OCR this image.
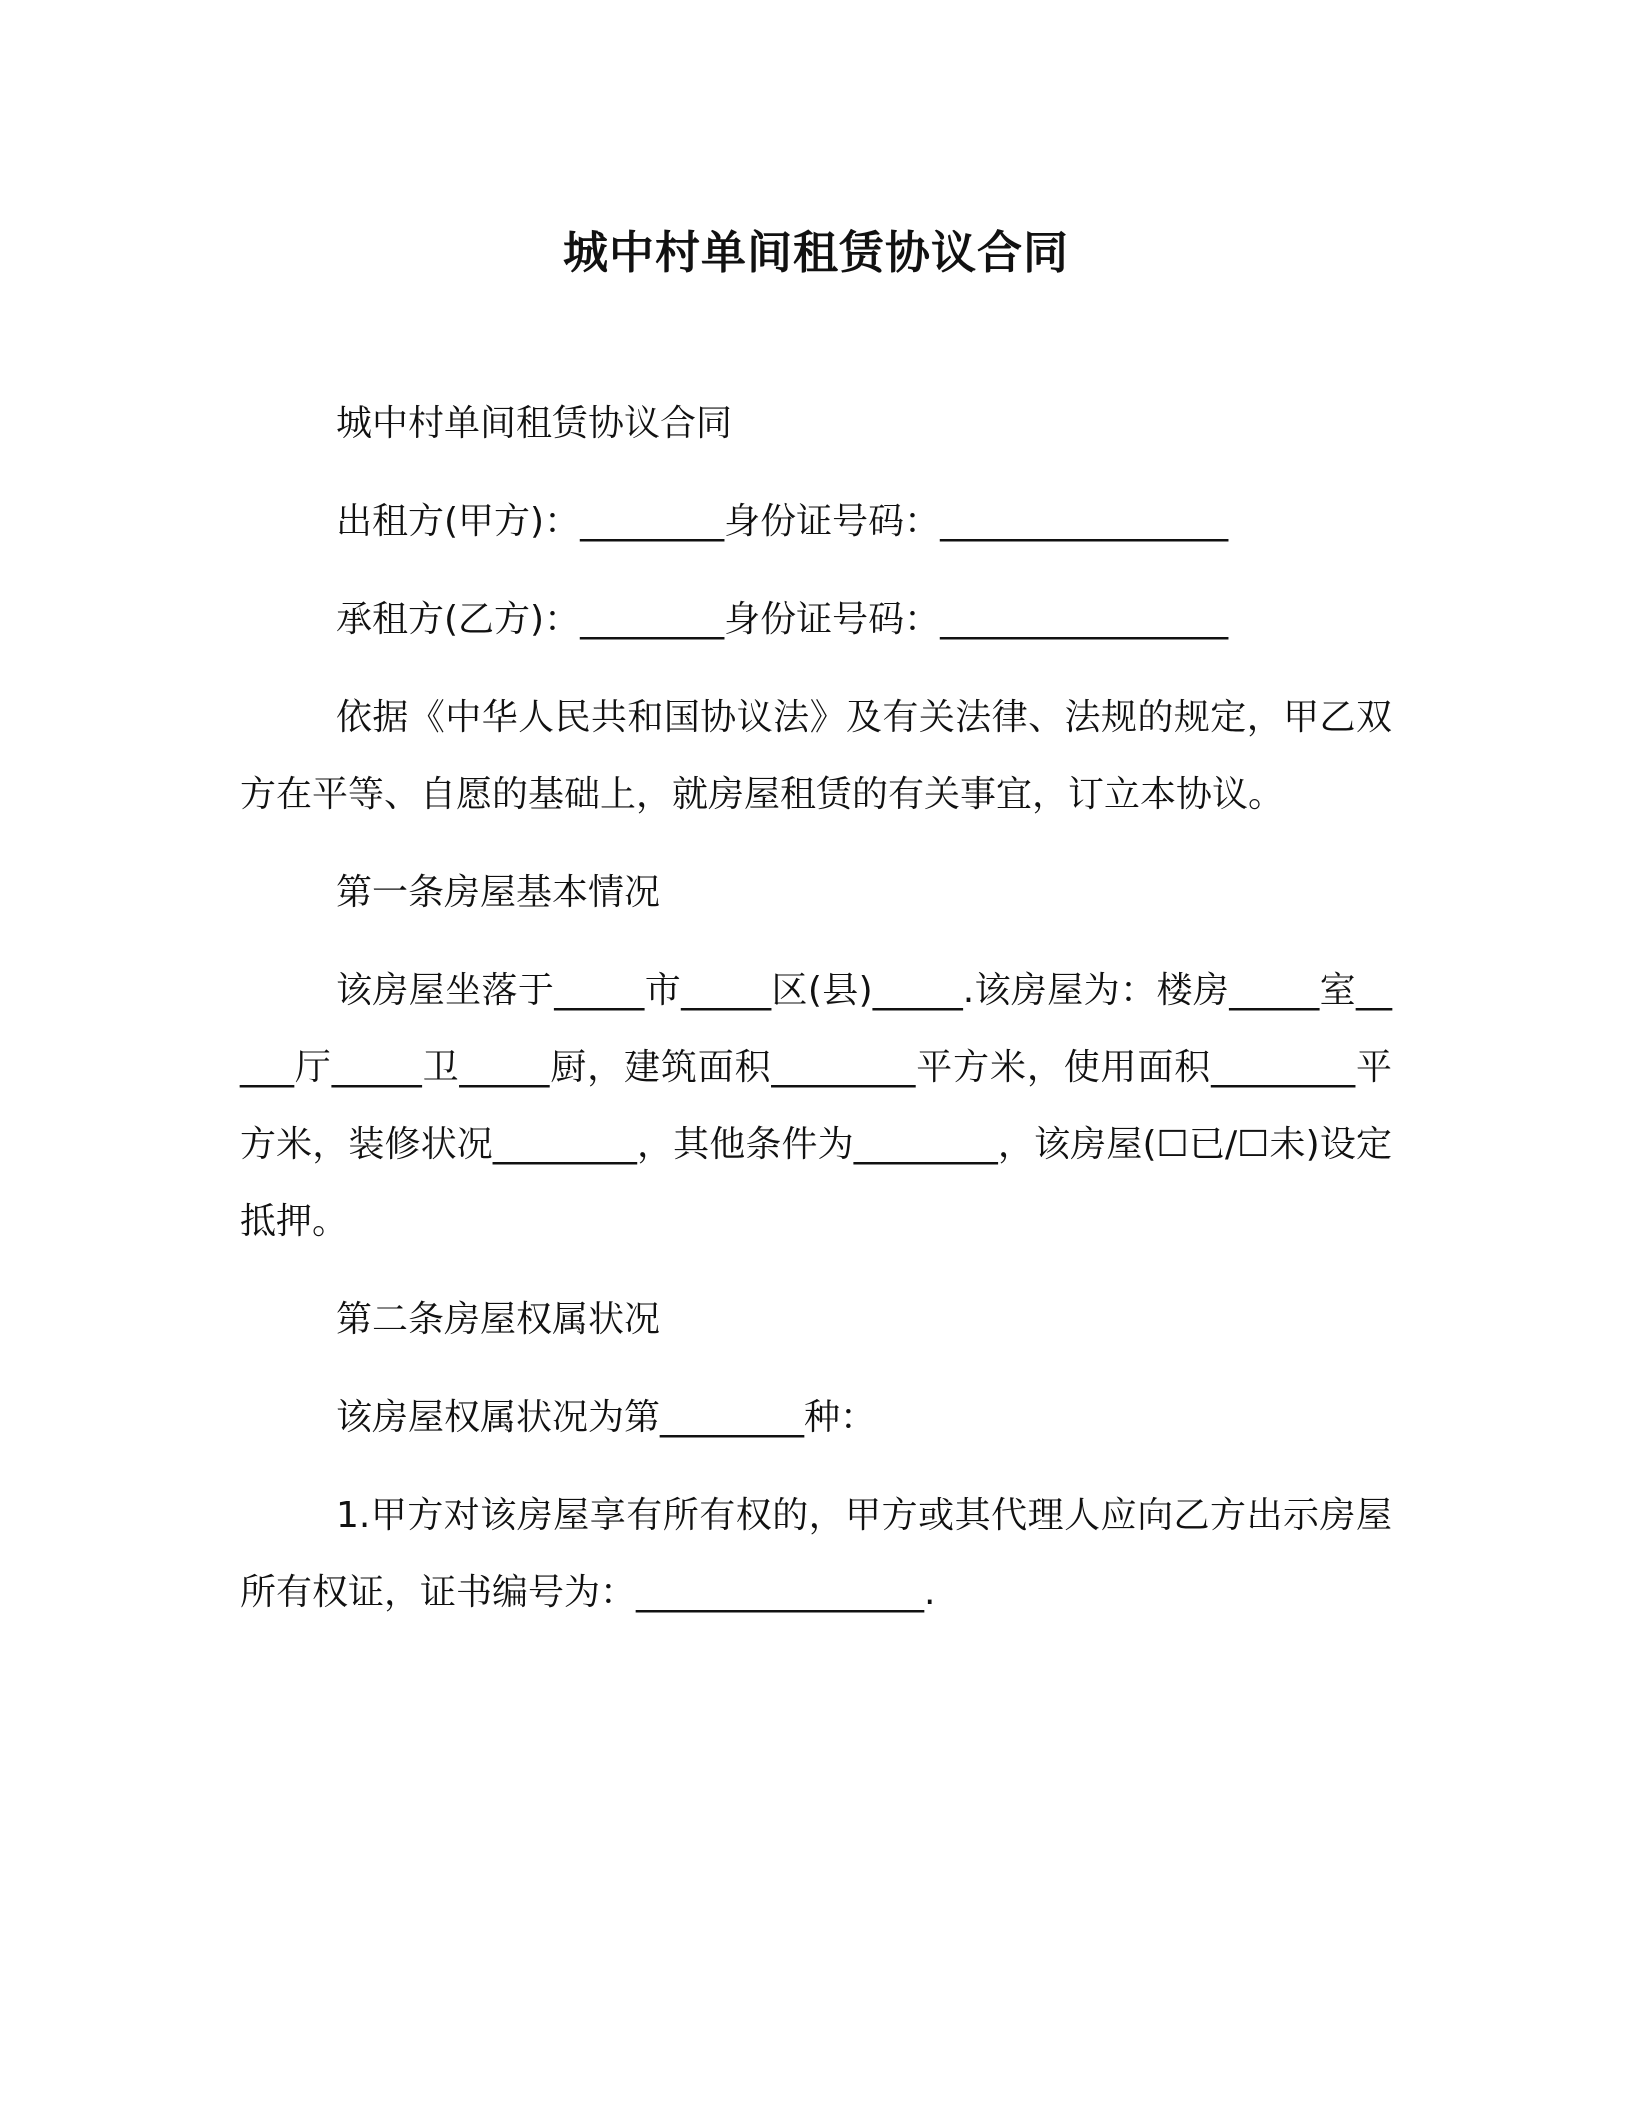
城中村单间租赁协议合同

城中村单间租赁协议合同

出租方(甲方)：________身份证号码：________________

承租方(乙方)：________身份证号码：________________

依据《中华人民共和国协议法》及有关法律、法规的规定，甲乙双方在平等、自愿的基础上，就房屋租赁的有关事宜，订立本协议。

第一条房屋基本情况

该房屋坐落于_____市_____区(县)_____.该房屋为：楼房_____室_____厅_____卫_____厨，建筑面积________平方米，使用面积________平方米，装修状况________，其他条件为________，该房屋(☐已/☐未)设定抵押。

第二条房屋权属状况

该房屋权属状况为第________种：

1.甲方对该房屋享有所有权的，甲方或其代理人应向乙方出示房屋所有权证，证书编号为：________________.
